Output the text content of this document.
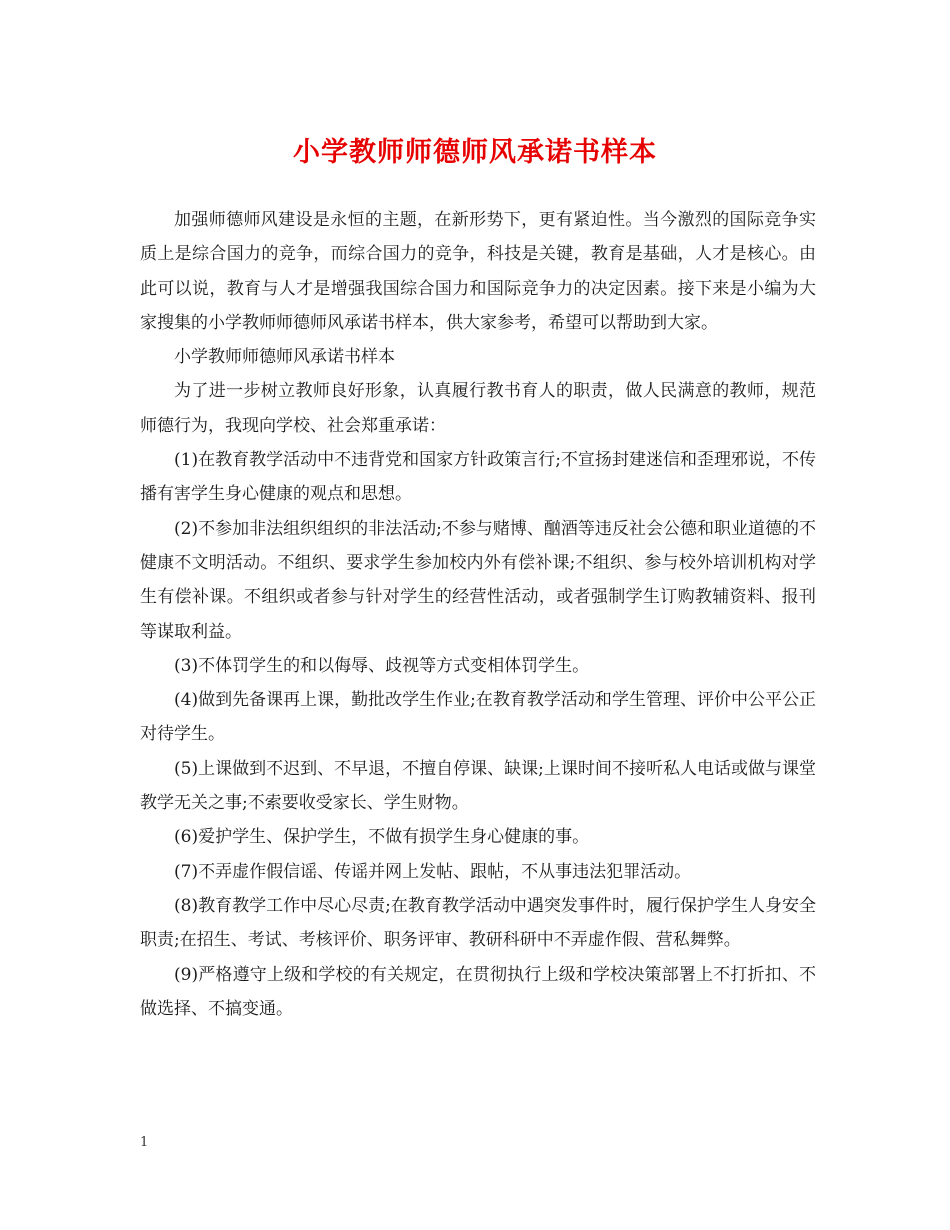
小学教师师德师风承诺书样本

加强师德师风建设是永恒的主题，在新形势下，更有紧迫性。当今激烈的国际竞争实质上是综合国力的竞争，而综合国力的竞争，科技是关键，教育是基础，人才是核心。由此可以说，教育与人才是增强我国综合国力和国际竞争力的决定因素。接下来是小编为大家搜集的小学教师师德师风承诺书样本，供大家参考，希望可以帮助到大家。

小学教师师德师风承诺书样本

为了进一步树立教师良好形象，认真履行教书育人的职责，做人民满意的教师，规范师德行为，我现向学校、社会郑重承诺：

(1)在教育教学活动中不违背党和国家方针政策言行;不宣扬封建迷信和歪理邪说，不传播有害学生身心健康的观点和思想。

(2)不参加非法组织组织的非法活动;不参与赌博、酗酒等违反社会公德和职业道德的不健康不文明活动。不组织、要求学生参加校内外有偿补课;不组织、参与校外培训机构对学生有偿补课。不组织或者参与针对学生的经营性活动，或者强制学生订购教辅资料、报刊等谋取利益。

(3)不体罚学生的和以侮辱、歧视等方式变相体罚学生。

(4)做到先备课再上课，勤批改学生作业;在教育教学活动和学生管理、评价中公平公正对待学生。

(5)上课做到不迟到、不早退，不擅自停课、缺课;上课时间不接听私人电话或做与课堂教学无关之事;不索要收受家长、学生财物。

(6)爱护学生、保护学生，不做有损学生身心健康的事。

(7)不弄虚作假信谣、传谣并网上发帖、跟帖，不从事违法犯罪活动。

(8)教育教学工作中尽心尽责;在教育教学活动中遇突发事件时，履行保护学生人身安全职责;在招生、考试、考核评价、职务评审、教研科研中不弄虚作假、营私舞弊。

(9)严格遵守上级和学校的有关规定，在贯彻执行上级和学校决策部署上不打折扣、不做选择、不搞变通。

1
